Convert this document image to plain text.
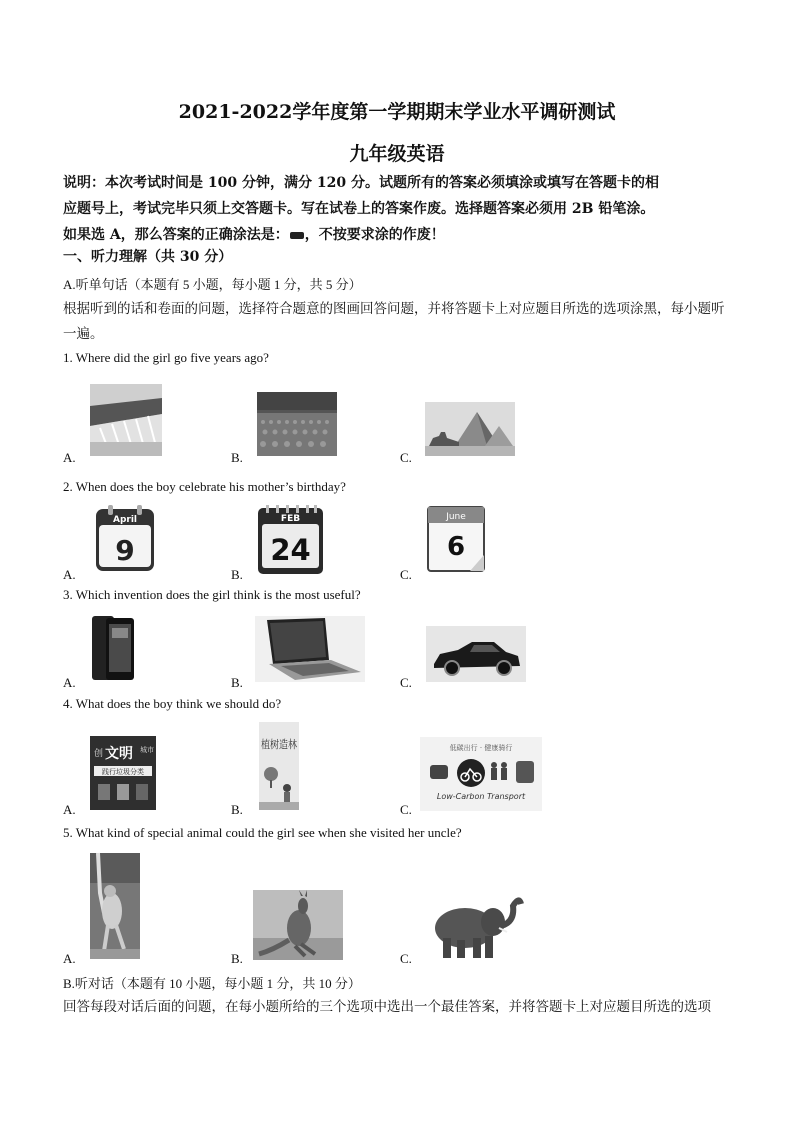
2021-2022学年度第一学期期末学业水平调研测试
九年级英语
说明：本次考试时间是 100 分钟，满分 120 分。试题所有的答案必须填涂或填写在答题卡的相
应题号上，考试完毕只须上交答题卡。写在试卷上的答案作废。选择题答案必须用 2B 铅笔涂。
如果选 A，那么答案的正确涂法是： ，不按要求涂的作废！
一、听力理解（共 30 分）
A.听单句话（本题有 5 小题，每小题 1 分，共 5 分）
根据听到的话和卷面的问题，选择符合题意的图画回答问题，并将答题卡上对应题目所选的选项涂黑，每小题听一遍。
1. Where did the girl go five years ago?
A.	B.	C.
2. When does the boy celebrate his mother’s birthday?
April
9
A.
FEB
24
B.
June
6
C.
3. Which invention does the girl think is the most useful?
A.	B.	C.
4. What does the boy think we should do?
创 文明 城市
践行垃圾分类
A.
植树造林
B.
低碳出行 · 健康骑行
Low-Carbon Transport
C.
5. What kind of special animal could the girl see when she visited her uncle?
A.	B.	C.
B.听对话（本题有 10 小题，每小题 1 分，共 10 分）
回答每段对话后面的问题，在每小题所给的三个选项中选出一个最佳答案，并将答题卡上对应题目所选的选项
